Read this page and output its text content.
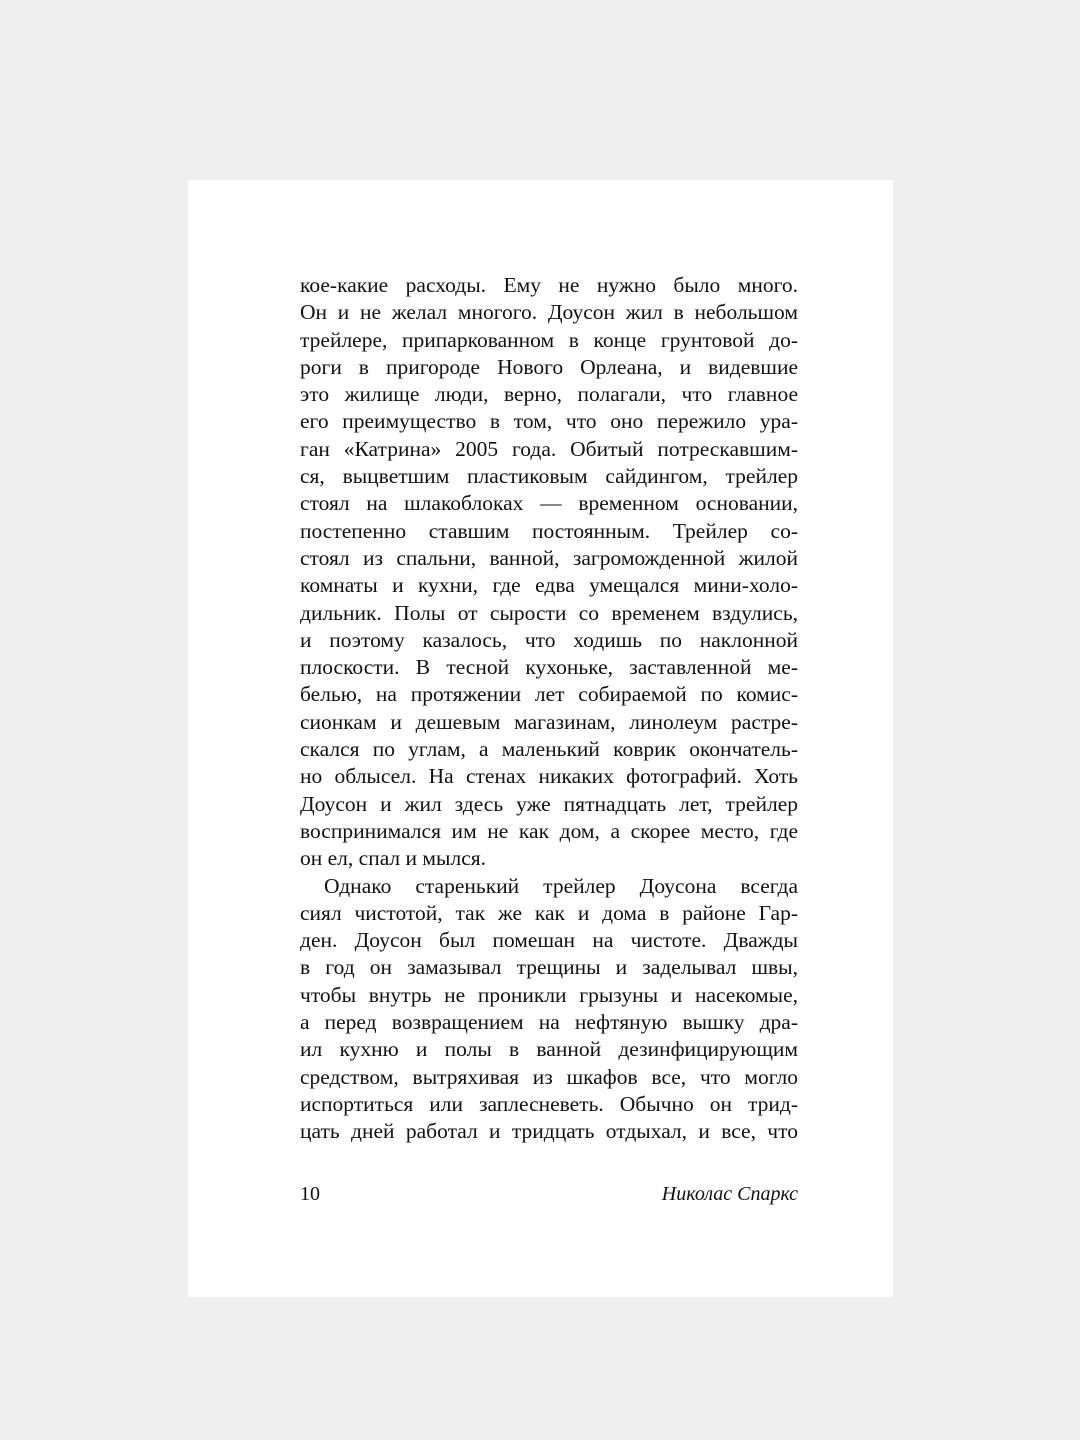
кое-какие расходы. Ему не нужно было много.
Он и не желал многого. Доусон жил в небольшом
трейлере, припаркованном в конце грунтовой до-
роги в пригороде Нового Орлеана, и видевшие
это жилище люди, верно, полагали, что главное
его преимущество в том, что оно пережило ура-
ган «Катрина» 2005 года. Обитый потрескавшим-
ся, выцветшим пластиковым сайдингом, трейлер
стоял на шлакоблоках — временном основании,
постепенно ставшим постоянным. Трейлер со-
стоял из спальни, ванной, загроможденной жилой
комнаты и кухни, где едва умещался мини-холо-
дильник. Полы от сырости со временем вздулись,
и поэтому казалось, что ходишь по наклонной
плоскости. В тесной кухоньке, заставленной ме-
белью, на протяжении лет собираемой по комис-
сионкам и дешевым магазинам, линолеум растре-
скался по углам, а маленький коврик окончатель-
но облысел. На стенах никаких фотографий. Хоть
Доусон и жил здесь уже пятнадцать лет, трейлер
воспринимался им не как дом, а скорее место, где
он ел, спал и мылся.
Однако старенький трейлер Доусона всегда
сиял чистотой, так же как и дома в районе Гар-
ден. Доусон был помешан на чистоте. Дважды
в год он замазывал трещины и заделывал швы,
чтобы внутрь не проникли грызуны и насекомые,
а перед возвращением на нефтяную вышку дра-
ил кухню и полы в ванной дезинфицирующим
средством, вытряхивая из шкафов все, что могло
испортиться или заплесневеть. Обычно он трид-
цать дней работал и тридцать отдыхал, и все, что
10	Николас Спаркс
